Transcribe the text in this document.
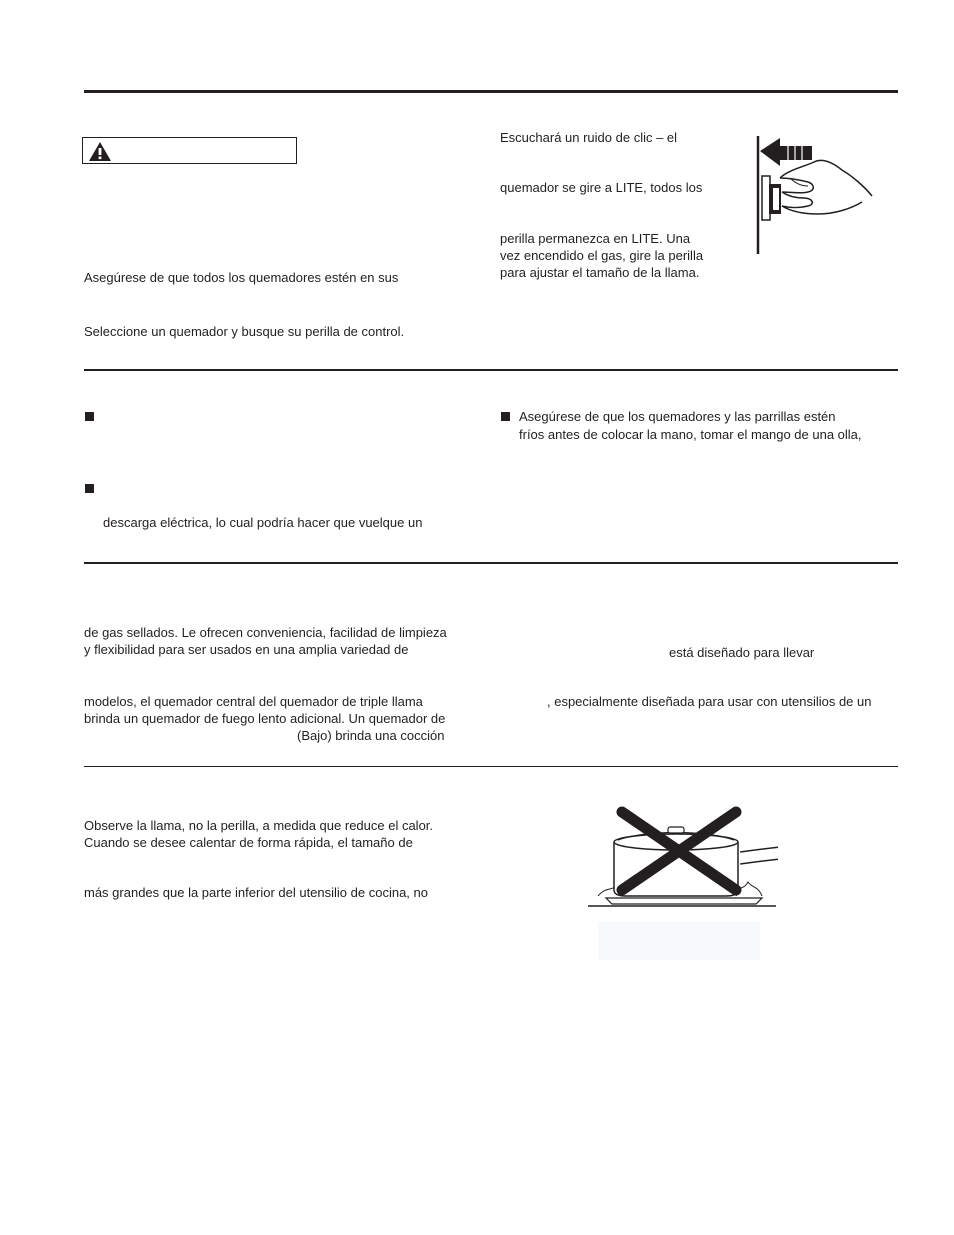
Asegúrese de que todos los quemadores estén en sus
Seleccione un quemador y busque su perilla de control.
Escuchará un ruido de clic – el
quemador se gire a LITE, todos los
perilla permanezca en LITE. Una
vez encendido el gas, gire la perilla
para ajustar el tamaño de la llama.
descarga eléctrica, lo cual podría hacer que vuelque un
Asegúrese de que los quemadores y las parrillas estén
fríos antes de colocar la mano, tomar el mango de una olla,
de gas sellados. Le ofrecen conveniencia, facilidad de limpieza
y flexibilidad para ser usados en una amplia variedad de
modelos, el quemador central del quemador de triple llama
brinda un quemador de fuego lento adicional. Un quemador de
(Bajo) brinda una cocción
está diseñado para llevar
, especialmente diseñada para usar con utensilios de un
Observe la llama, no la perilla, a medida que reduce el calor.
Cuando se desee calentar de forma rápida, el tamaño de
más grandes que la parte inferior del utensilio de cocina, no
